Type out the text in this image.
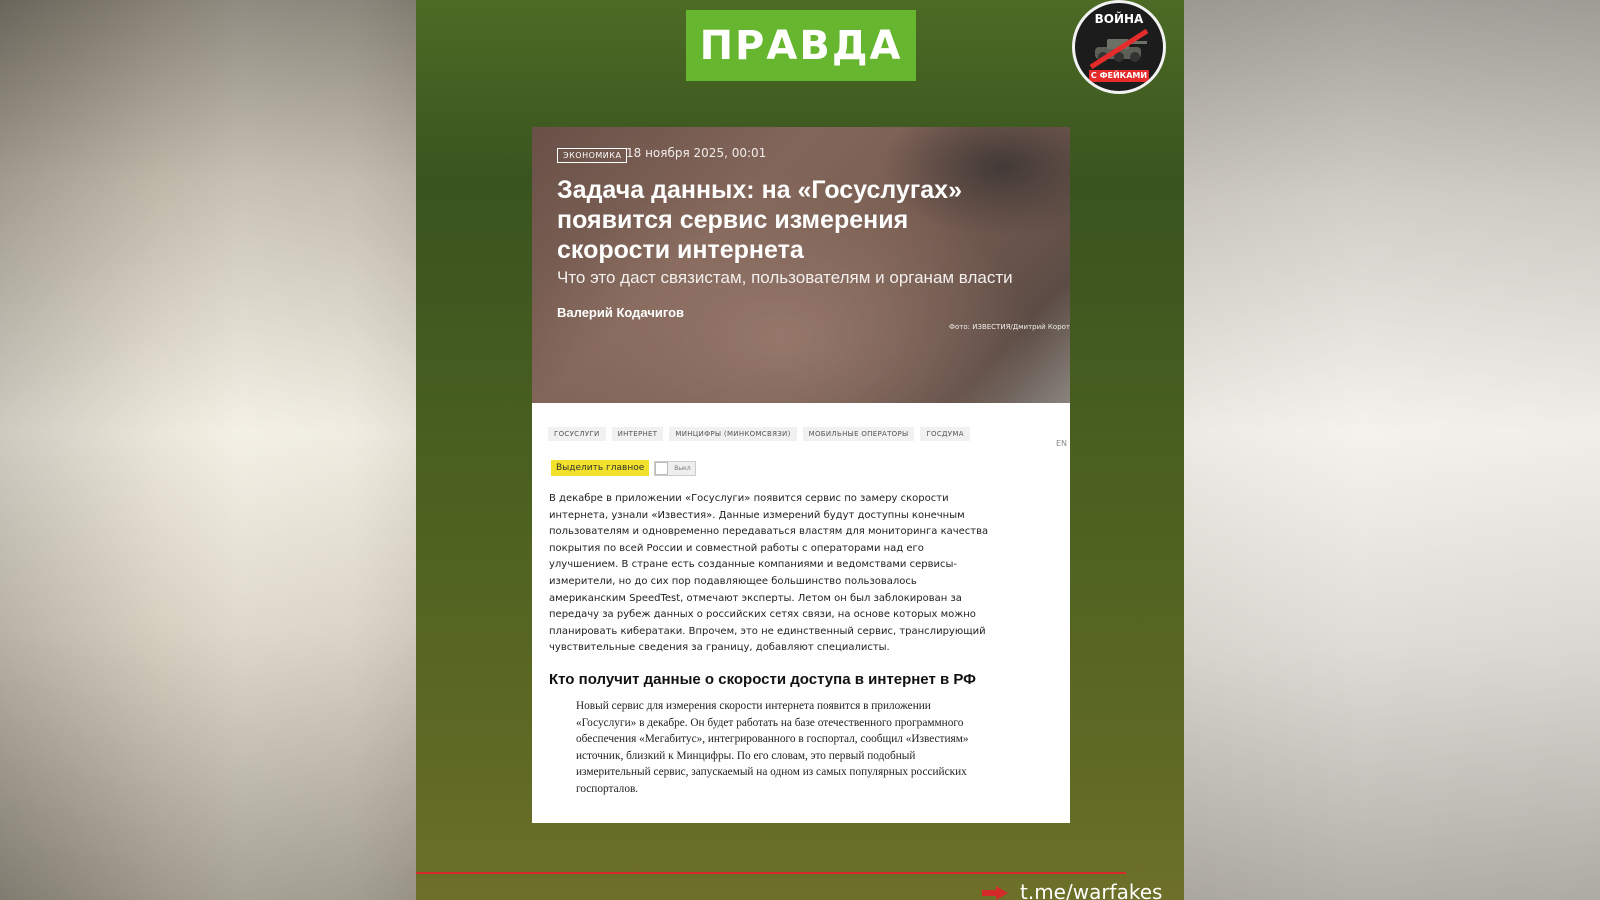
ПРАВДА
ВОЙНА
С ФЕЙКАМИ
ЭКОНОМИКА 18 ноября 2025, 00:01
Задача данных: на «Госуслугах» появится сервис измерения скорости интернета
Что это даст связистам, пользователям и органам власти
Валерий Кодачигов
Фото: ИЗВЕСТИЯ/Дмитрий Корот
ГОСУСЛУГИ	ИНТЕРНЕТ	МИНЦИФРЫ (МИНКОМСВЯЗИ)	МОБИЛЬНЫЕ ОПЕРАТОРЫ	ГОСДУМА
EN
Выделить главное	Выкл

В декабре в приложении «Госуслуги» появится сервис по замеру скорости интернета, узнали «Известия». Данные измерений будут доступны конечным пользователям и одновременно передаваться властям для мониторинга качества покрытия по всей России и совместной работы с операторами над его улучшением. В стране есть созданные компаниями и ведомствами сервисы-измерители, но до сих пор подавляющее большинство пользовалось американским SpeedTest, отмечают эксперты. Летом он был заблокирован за передачу за рубеж данных о российских сетях связи, на основе которых можно планировать кибератаки. Впрочем, это не единственный сервис, транслирующий чувствительные сведения за границу, добавляют специалисты.

Кто получит данные о скорости доступа в интернет в РФ

Новый сервис для измерения скорости интернета появится в приложении «Госуслуги» в декабре. Он будет работать на базе отечественного программного обеспечения «Мегабитус», интегрированного в госпортал, сообщил «Известиям» источник, близкий к Минцифры. По его словам, это первый подобный измерительный сервис, запускаемый на одном из самых популярных российских госпорталов.

t.me/warfakes
